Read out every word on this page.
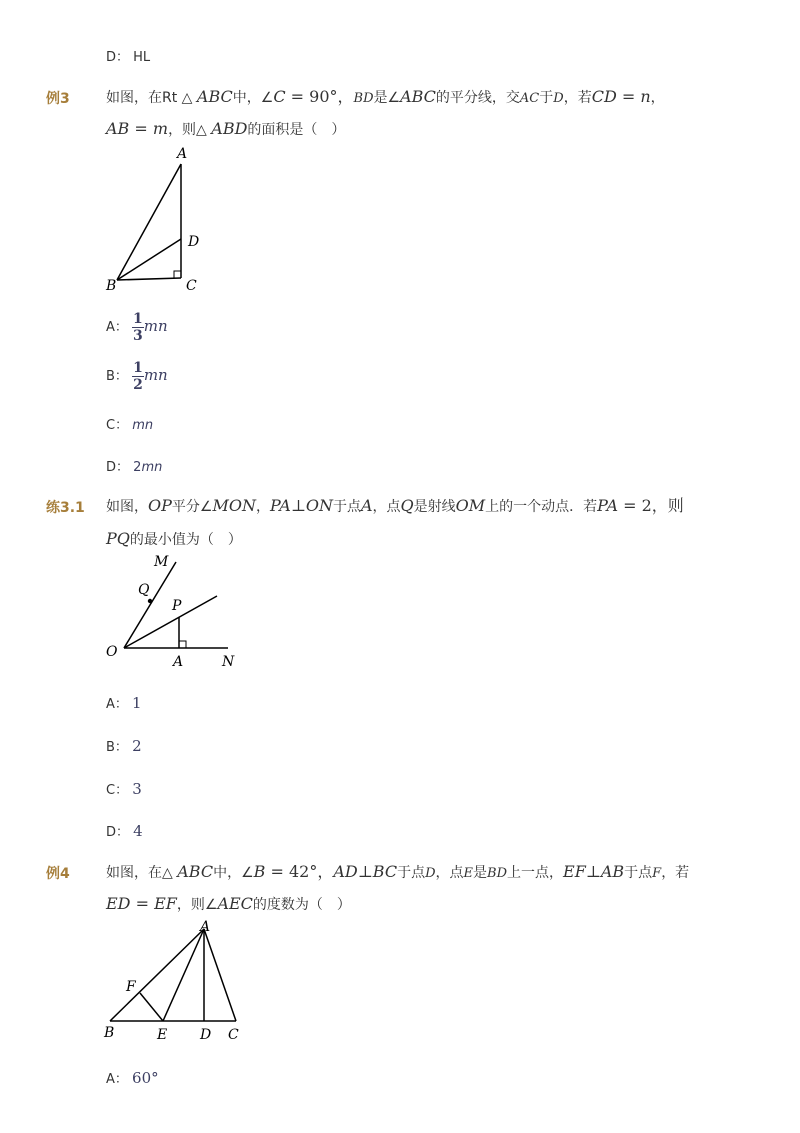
D： HL
例3	如图，在Rt △ ABC中，∠C = 90°，BD是∠ABC的平分线，交AC于D，若CD = n，
AB = m，则△ ABD的面积是（　）
A
D
B	C
A： $\frac{1}{3}$ mn
B： $\frac{1}{2}$ mn
C： mn
D： 2mn
练3.1 如图，OP平分∠MON，PA⊥ON于点A，点Q是射线OM上的一个动点．若PA = 2，则
PQ的最小值为（　）
M
Q
P
O
A	N
A： 1
B： 2
C： 3
D： 4
例4	如图，在△ ABC中，∠B = 42°，AD⊥BC于点D，点E是BD上一点，EF⊥AB于点F，若
ED = EF，则∠AEC的度数为（　）
A
F
B	E D C
A： 60°
